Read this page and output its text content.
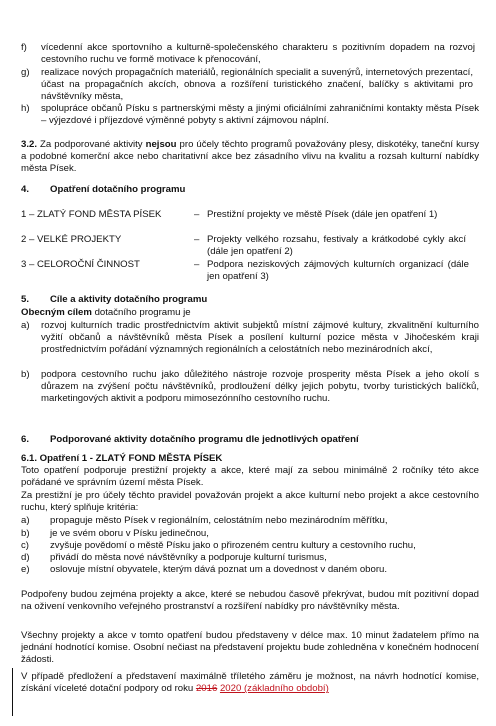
f) vícedenní akce sportovního a kulturně-společenského charakteru s pozitivním dopadem na rozvoj cestovního ruchu ve formě motivace k přenocování,
g) realizace nových propagačních materiálů, regionálních specialit a suvenýrů, internetových prezentací, účast na propagačních akcích, obnova a rozšíření turistického značení, balíčky s aktivitami pro návštěvníky města,
h) spolupráce občanů Písku s partnerskými městy a jinými oficiálními zahraničními kontakty města Písek – výjezdové i příjezdové výměnné pobyty s aktivní zájmovou náplní.
3.2. Za podporované aktivity nejsou pro účely těchto programů považovány plesy, diskotéky, taneční kursy a podobné komerční akce nebo charitativní akce bez zásadního vlivu na kvalitu a rozsah kulturní nabídky města Písek.
4. Opatření dotačního programu
1 – ZLATÝ FOND MĚSTA PÍSEK	– Prestižní projekty ve městě Písek (dále jen opatření 1)
2 – VELKÉ PROJEKTY	– Projekty velkého rozsahu, festivaly a krátkodobé cykly akcí (dále jen opatření 2)
3 – CELOROČNÍ ČINNOST	– Podpora neziskových zájmových kulturních organizací (dále jen opatření 3)
5. Cíle a aktivity dotačního programu
Obecným cílem dotačního programu je
a) rozvoj kulturních tradic prostřednictvím aktivit subjektů místní zájmové kultury, zkvalitnění kulturního vyžití občanů a návštěvníků města Písek a posílení kulturní pozice města v Jihočeském kraji prostřednictvím pořádání významných regionálních a celostátních nebo mezinárodních akcí,
b) podpora cestovního ruchu jako důležitého nástroje rozvoje prosperity města Písek a jeho okolí s důrazem na zvýšení počtu návštěvníků, prodloužení délky jejich pobytu, tvorby turistických balíčků, marketingových aktivit a podporu mimosezónního cestovního ruchu.
6. Podporované aktivity dotačního programu dle jednotlivých opatření
6.1. Opatření 1 - ZLATÝ FOND MĚSTA PÍSEK
Toto opatření podporuje prestižní projekty a akce, které mají za sebou minimálně 2 ročníky této akce pořádané ve správním území města Písek.
Za prestižní je pro účely těchto pravidel považován projekt a akce kulturní nebo projekt a akce cestovního ruchu, který splňuje kritéria:
a) propaguje město Písek v regionálním, celostátním nebo mezinárodním měřítku,
b) je ve svém oboru v Písku jedinečnou,
c) zvyšuje povědomí o městě Písku jako o přirozeném centru kultury a cestovního ruchu,
d) přivádí do města nové návštěvníky a podporuje kulturní turismus,
e) oslovuje místní obyvatele, kterým dává poznat um a dovednost v daném oboru.
Podpořeny budou zejména projekty a akce, které se nebudou časově překrývat, budou mít pozitivní dopad na oživení venkovního veřejného prostranství a rozšíření nabídky pro návštěvníky města.
Všechny projekty a akce v tomto opatření budou představeny v délce max. 10 minut žadatelem přímo na jednání hodnotící komise. Osobní nečiast na představení projektu bude zohledněna v konečném hodnocení žádosti.
V případě předložení a představení maximálně tříletého záměru je možnost, na návrh hodnotící komise, získání víceleté dotační podpory od roku 2016 2020 (základního období)
